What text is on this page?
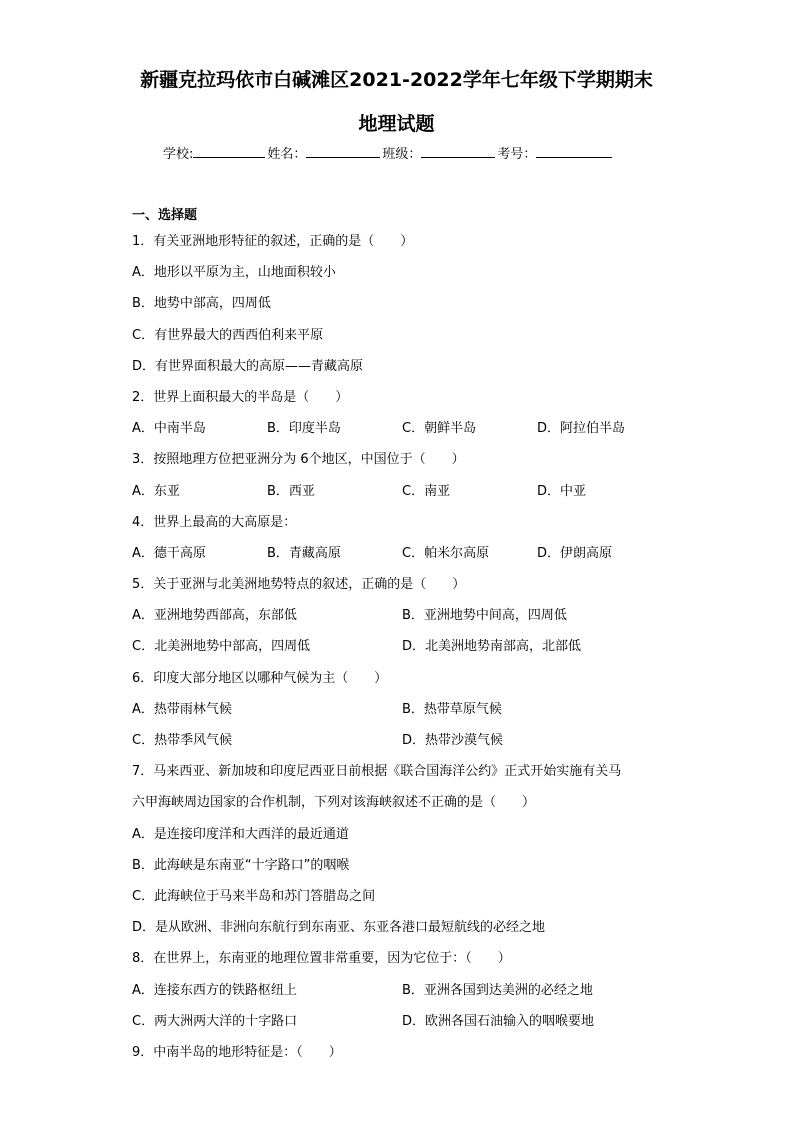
新疆克拉玛依市白碱滩区2021-2022学年七年级下学期期末
地理试题
学校:	姓名：	班级：	考号：
一、选择题
1．有关亚洲地形特征的叙述，正确的是（　　）
A．地形以平原为主，山地面积较小
B．地势中部高，四周低
C．有世界最大的西西伯利来平原
D．有世界面积最大的高原——青藏高原
2．世界上面积最大的半岛是（　　）
A．中南半岛	B．印度半岛	C．朝鲜半岛	D．阿拉伯半岛
3．按照地理方位把亚洲分为 6个地区，中国位于（　　）
A．东亚	B．西亚	C．南亚	D．中亚
4．世界上最高的大高原是：
A．德干高原	B．青藏高原	C．帕米尔高原	D．伊朗高原
5．关于亚洲与北美洲地势特点的叙述，正确的是（　　）
A．亚洲地势西部高，东部低	B．亚洲地势中间高，四周低
C．北美洲地势中部高，四周低	D．北美洲地势南部高，北部低
6．印度大部分地区以哪种气候为主（　　）
A．热带雨林气候	B．热带草原气候
C．热带季风气候	D．热带沙漠气候
7．马来西亚、新加坡和印度尼西亚日前根据《联合国海洋公约》正式开始实施有关马
六甲海峡周边国家的合作机制，下列对该海峡叙述不正确的是（　　）
A．是连接印度洋和大西洋的最近通道
B．此海峡是东南亚“十字路口”的咽喉
C．此海峡位于马来半岛和苏门答腊岛之间
D．是从欧洲、非洲向东航行到东南亚、东亚各港口最短航线的必经之地
8．在世界上，东南亚的地理位置非常重要，因为它位于：（　　）
A．连接东西方的铁路枢纽上	B．亚洲各国到达美洲的必经之地
C．两大洲两大洋的十字路口	D．欧洲各国石油输入的咽喉要地
9．中南半岛的地形特征是：（　　）
